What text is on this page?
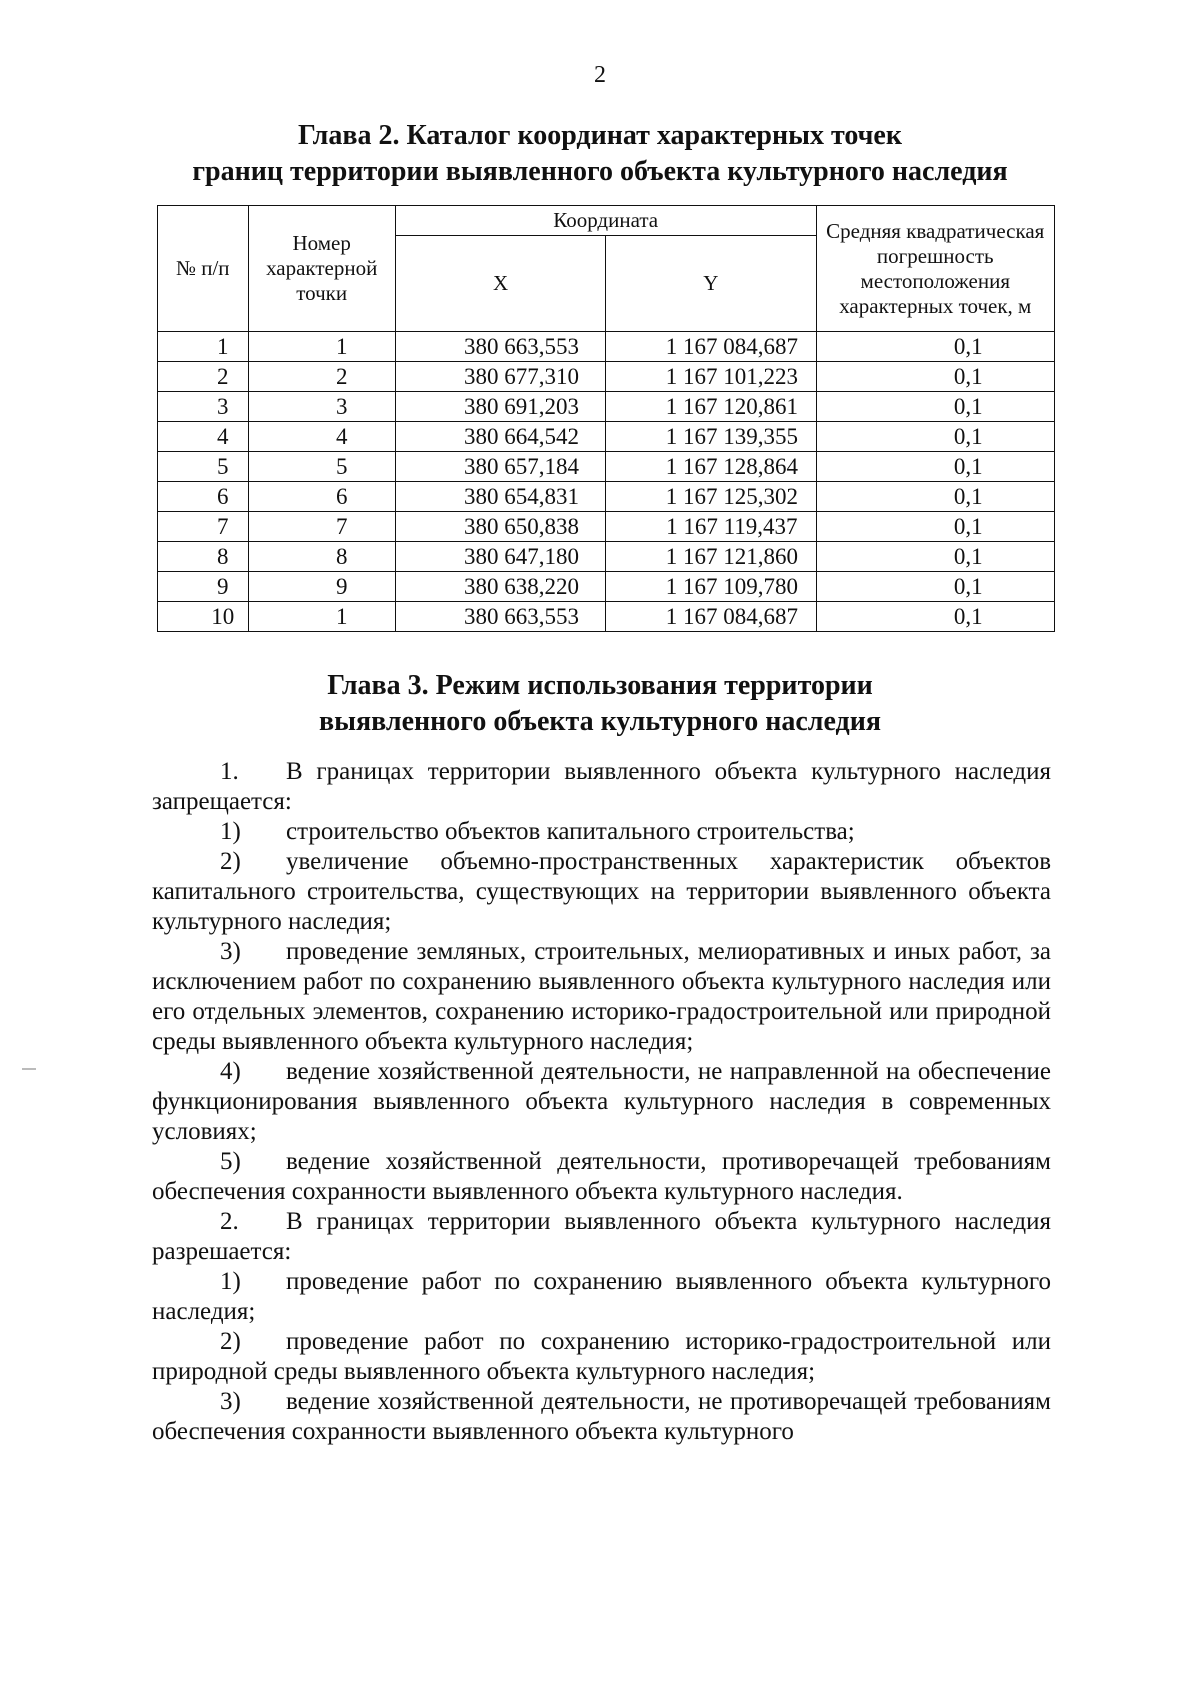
2
Глава 2. Каталог координат характерных точек
границ территории выявленного объекта культурного наследия
№ п/п	Номер характерной точки	Координата		Средняя квадратическая погрешность местоположения характерных точек, м
		X	Y	
1	1	380 663,553	1 167 084,687	0,1
2	2	380 677,310	1 167 101,223	0,1
3	3	380 691,203	1 167 120,861	0,1
4	4	380 664,542	1 167 139,355	0,1
5	5	380 657,184	1 167 128,864	0,1
6	6	380 654,831	1 167 125,302	0,1
7	7	380 650,838	1 167 119,437	0,1
8	8	380 647,180	1 167 121,860	0,1
9	9	380 638,220	1 167 109,780	0,1
10	1	380 663,553	1 167 084,687	0,1
Глава 3. Режим использования территории
выявленного объекта культурного наследия

1. В границах территории выявленного объекта культурного наследия запрещается:

1) строительство объектов капитального строительства;

2) увеличение объемно-пространственных характеристик объектов капитального строительства, существующих на территории выявленного объекта культурного наследия;

3) проведение земляных, строительных, мелиоративных и иных работ, за исключением работ по сохранению выявленного объекта культурного наследия или его отдельных элементов, сохранению историко-градостроительной или природной среды выявленного объекта культурного наследия;

4) ведение хозяйственной деятельности, не направленной на обеспечение функционирования выявленного объекта культурного наследия в современных условиях;

5) ведение хозяйственной деятельности, противоречащей требованиям обеспечения сохранности выявленного объекта культурного наследия.

2. В границах территории выявленного объекта культурного наследия разрешается:

1) проведение работ по сохранению выявленного объекта культурного наследия;

2) проведение работ по сохранению историко-градостроительной или природной среды выявленного объекта культурного наследия;

3) ведение хозяйственной деятельности, не противоречащей требованиям обеспечения сохранности выявленного объекта культурного
